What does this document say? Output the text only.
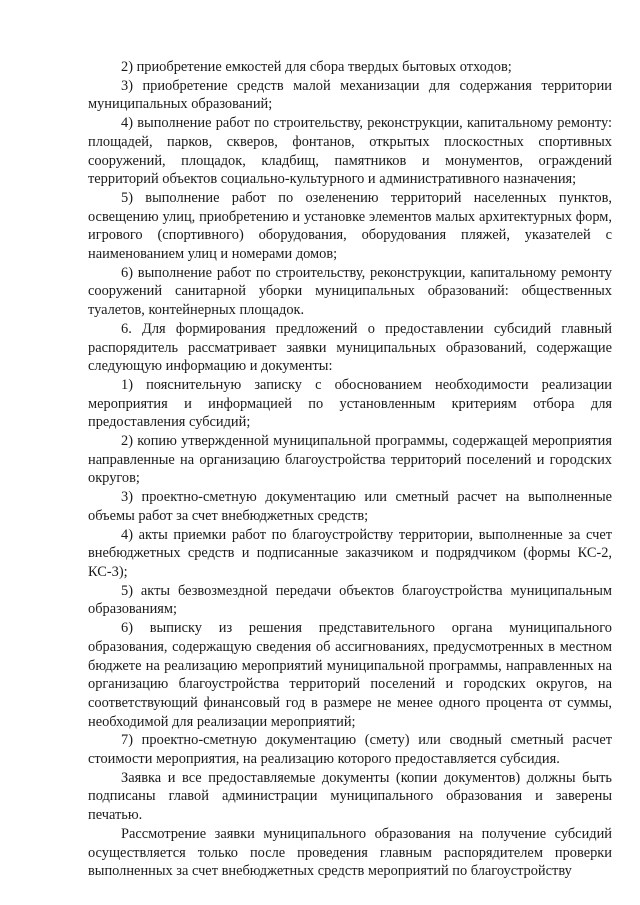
2) приобретение емкостей для сбора твердых бытовых отходов;

3) приобретение средств малой механизации для содержания территории муниципальных образований;

4) выполнение работ по строительству, реконструкции, капитальному ремонту: площадей, парков, скверов, фонтанов, открытых плоскостных спортивных сооружений, площадок, кладбищ, памятников и монументов, ограждений территорий объектов социально-культурного и административного назначения;

5) выполнение работ по озеленению территорий населенных пунктов, освещению улиц, приобретению и установке элементов малых архитектурных форм, игрового (спортивного) оборудования, оборудования пляжей, указателей с наименованием улиц и номерами домов;

6) выполнение работ по строительству, реконструкции, капитальному ремонту сооружений санитарной уборки муниципальных образований: общественных туалетов, контейнерных площадок.

6. Для формирования предложений о предоставлении субсидий главный распорядитель рассматривает заявки муниципальных образований, содержащие следующую информацию и документы:

1) пояснительную записку с обоснованием необходимости реализации мероприятия и информацией по установленным критериям отбора для предоставления субсидий;

2) копию утвержденной муниципальной программы, содержащей мероприятия направленные на организацию благоустройства территорий поселений и городских округов;

3) проектно-сметную документацию или сметный расчет на выполненные объемы работ за счет внебюджетных средств;

4) акты приемки работ по благоустройству территории, выполненные за счет внебюджетных средств и подписанные заказчиком и подрядчиком (формы КС-2, КС-3);

5) акты безвозмездной передачи объектов благоустройства муниципальным образованиям;

6) выписку из решения представительного органа муниципального образования, содержащую сведения об ассигнованиях, предусмотренных в местном бюджете на реализацию мероприятий муниципальной программы, направленных на организацию благоустройства территорий поселений и городских округов, на соответствующий финансовый год в размере не менее одного процента от суммы, необходимой для реализации мероприятий;

7) проектно-сметную документацию (смету) или сводный сметный расчет стоимости мероприятия, на реализацию которого предоставляется субсидия.

Заявка и все предоставляемые документы (копии документов) должны быть подписаны главой администрации муниципального образования и заверены печатью.

Рассмотрение заявки муниципального образования на получение субсидий осуществляется только после проведения главным распорядителем проверки выполненных за счет внебюджетных средств мероприятий по благоустройству
